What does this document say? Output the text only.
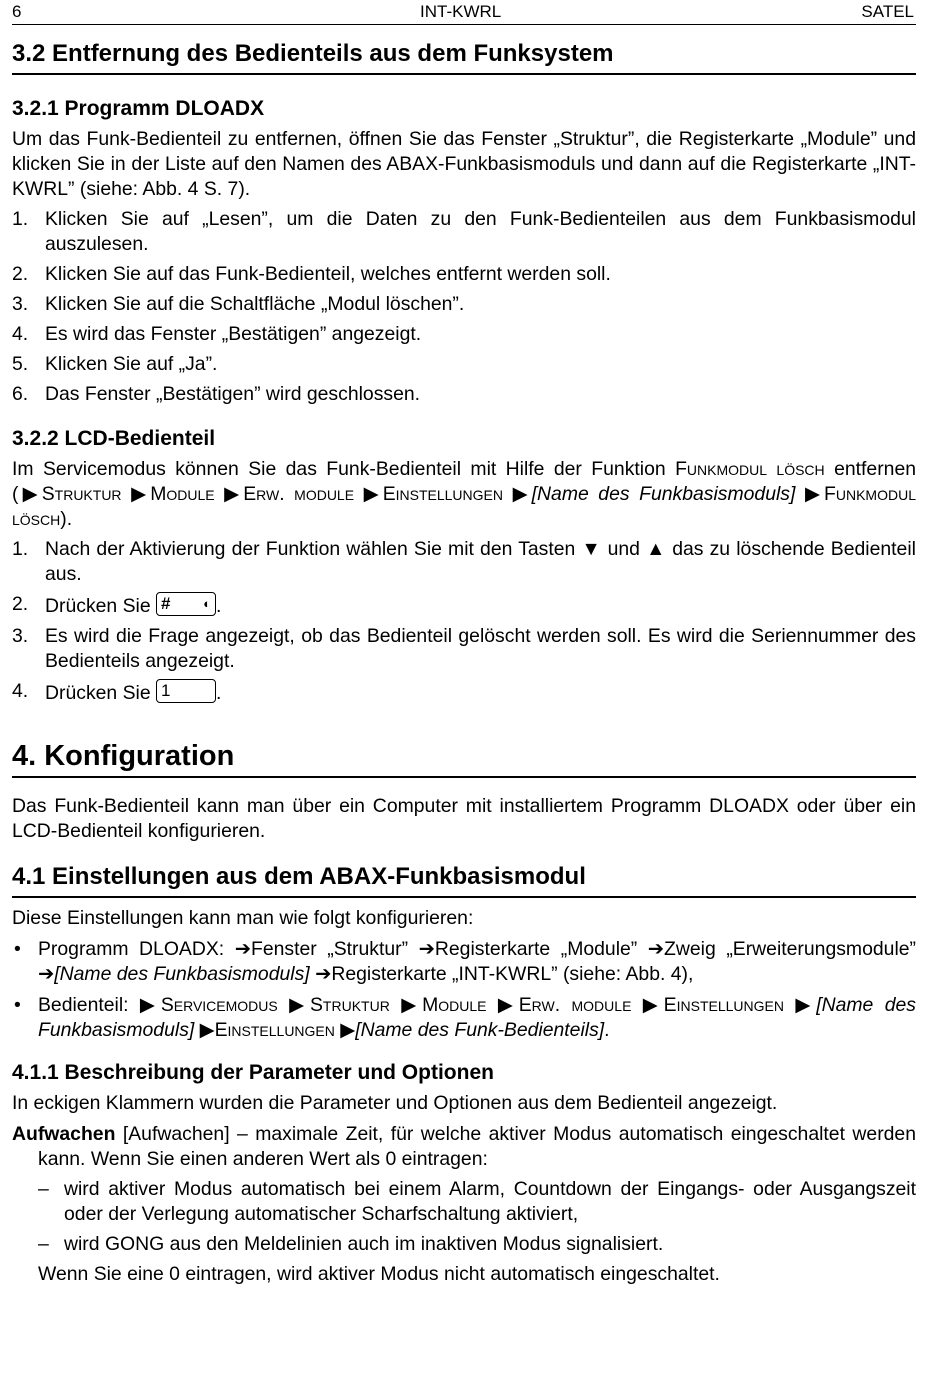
6	INT-KWRL	SATEL
3.2 Entfernung des Bedienteils aus dem Funksystem
3.2.1 Programm DLOADX

Um das Funk-Bedienteil zu entfernen, öffnen Sie das Fenster „Struktur”, die Registerkarte „Module” und klicken Sie in der Liste auf den Namen des ABAX-Funkbasismoduls und dann auf die Registerkarte „INT-KWRL” (siehe: Abb. 4 S. 7).

1. Klicken Sie auf „Lesen”, um die Daten zu den Funk-Bedienteilen aus dem Funkbasismodul auszulesen.
2. Klicken Sie auf das Funk-Bedienteil, welches entfernt werden soll.
3. Klicken Sie auf die Schaltfläche „Modul löschen”.
4. Es wird das Fenster „Bestätigen” angezeigt.
5. Klicken Sie auf „Ja”.
6. Das Fenster „Bestätigen” wird geschlossen.
3.2.2 LCD-Bedienteil

Im Servicemodus können Sie das Funk-Bedienteil mit Hilfe der Funktion Funkmodul lösch entfernen (▶Struktur ▶Module ▶Erw. module ▶Einstellungen ▶[Name des Funkbasismoduls] ▶Funkmodul lösch).

1. Nach der Aktivierung der Funktion wählen Sie mit den Tasten ▼ und ▲ das zu löschende Bedienteil aus.
2. Drücken Sie #	◐ .
3. Es wird die Frage angezeigt, ob das Bedienteil gelöscht werden soll. Es wird die Seriennummer des Bedienteils angezeigt.
4. Drücken Sie 1 .
4. Konfiguration

Das Funk-Bedienteil kann man über ein Computer mit installiertem Programm DLOADX oder über ein LCD-Bedienteil konfigurieren.

4.1 Einstellungen aus dem ABAX-Funkbasismodul

Diese Einstellungen kann man wie folgt konfigurieren:

• Programm DLOADX: ➔Fenster „Struktur” ➔Registerkarte „Module” ➔Zweig „Erweiterungsmodule” ➔[Name des Funkbasismoduls] ➔Registerkarte „INT-KWRL” (siehe: Abb. 4),
• Bedienteil: ▶Servicemodus ▶Struktur ▶Module ▶Erw. module ▶Einstellungen ▶[Name des Funkbasismoduls] ▶Einstellungen ▶[Name des Funk-Bedienteils].
4.1.1 Beschreibung der Parameter und Optionen

In eckigen Klammern wurden die Parameter und Optionen aus dem Bedienteil angezeigt.

Aufwachen [Aufwachen] – maximale Zeit, für welche aktiver Modus automatisch eingeschaltet werden kann. Wenn Sie einen anderen Wert als 0 eintragen:

– wird aktiver Modus automatisch bei einem Alarm, Countdown der Eingangs- oder Ausgangszeit oder der Verlegung automatischer Scharfschaltung aktiviert,
– wird GONG aus den Meldelinien auch im inaktiven Modus signalisiert.

Wenn Sie eine 0 eintragen, wird aktiver Modus nicht automatisch eingeschaltet.
